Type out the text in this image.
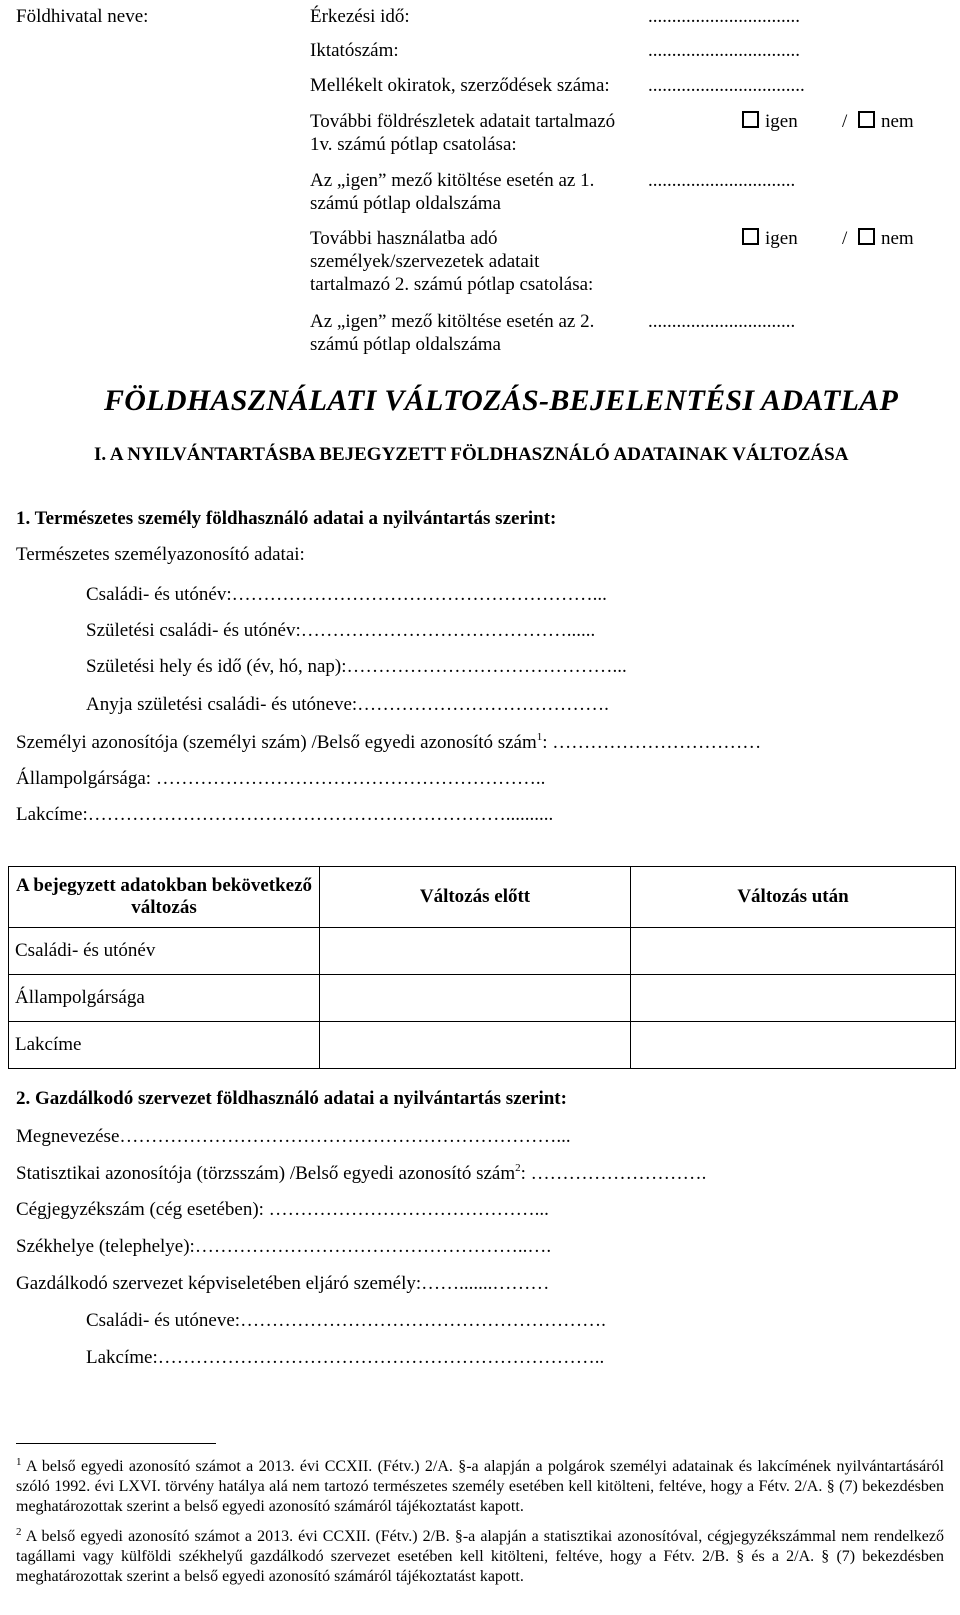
Földhivatal neve:	Érkezési idő:	................................
Iktatószám:	................................
Mellékelt okiratok, szerződések száma: .................................
További földrészletek adatait tartalmazó
1v. számú pótlap csatolása:
igen /	nem
Az „igen” mező kitöltése esetén az 1.
számú pótlap oldalszáma
...............................
További használatba adó
személyek/szervezetek adatait
tartalmazó 2. számú pótlap csatolása:
igen /	nem
Az „igen” mező kitöltése esetén az 2.
számú pótlap oldalszáma
...............................
FÖLDHASZNÁLATI VÁLTOZÁS-BEJELENTÉSI ADATLAP
I. A NYILVÁNTARTÁSBA BEJEGYZETT FÖLDHASZNÁLÓ ADATAINAK VÁLTOZÁSA
1. Természetes személy földhasználó adatai a nyilvántartás szerint:
Természetes személyazonosító adatai:
Családi- és utónév:…………………………………………………...
Születési családi- és utónév:……………………………………......
Születési hely és idő (év, hó, nap):……………………………………...
Anyja születési családi- és utóneve:………………………………….
Személyi azonosítója (személyi szám) /Belső egyedi azonosító szám$^1$: ……………………………
Állampolgársága: ……………………………………………………..
Lakcíme:…………………………………………………………..........
A bejegyzett adatokban bekövetkező változás	Változás előtt	Változás után
Családi- és utónév		
Állampolgársága		
Lakcíme		
2. Gazdálkodó szervezet földhasználó adatai a nyilvántartás szerint:
Megnevezése……………………………………………………………...
Statisztikai azonosítója (törzsszám) /Belső egyedi azonosító szám$^2$: ……………………….
Cégjegyzékszám (cég esetében): ……………………………………...
Székhelye (telephelye):……………………………………………..….
Gazdálkodó szervezet képviseletében eljáró személy:…….......………
Családi- és utóneve:………………………………………………….
Lakcíme:……………………………………………………………..
$^1$ A belső egyedi azonosító számot a 2013. évi CCXII. (Fétv.) 2/A. §-a alapján a polgárok személyi adatainak és lakcímének nyilvántartásáról szóló 1992. évi LXVI. törvény hatálya alá nem tartozó természetes személy esetében kell kitölteni, feltéve, hogy a Fétv. 2/A. § (7) bekezdésben meghatározottak szerint a belső egyedi azonosító számáról tájékoztatást kapott.
$^2$ A belső egyedi azonosító számot a 2013. évi CCXII. (Fétv.) 2/B. §-a alapján a statisztikai azonosítóval, cégjegyzékszámmal nem rendelkező tagállami vagy külföldi székhelyű gazdálkodó szervezet esetében kell kitölteni, feltéve, hogy a Fétv. 2/B. § és a 2/A. § (7) bekezdésben meghatározottak szerint a belső egyedi azonosító számáról tájékoztatást kapott.
